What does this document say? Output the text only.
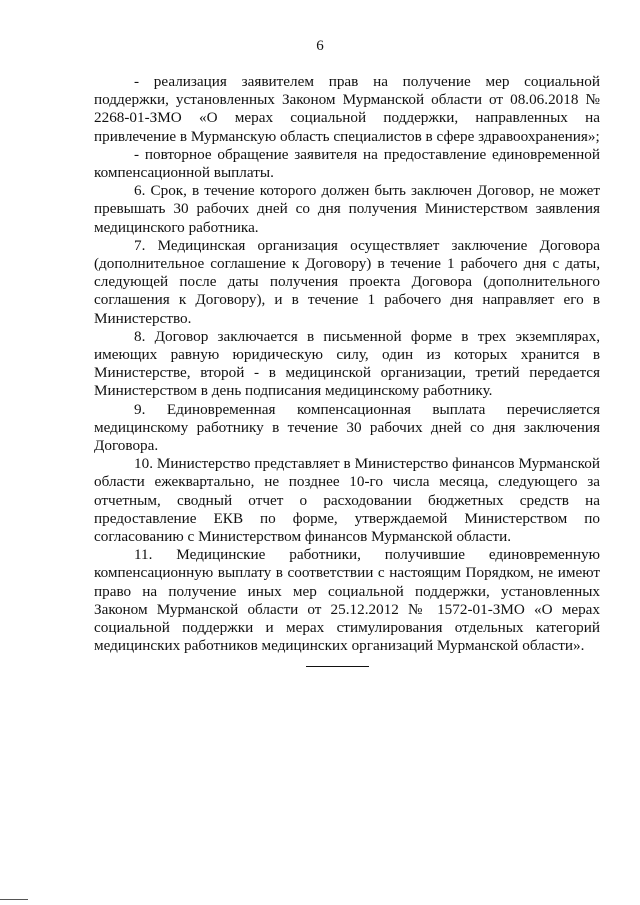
6

- реализация заявителем прав на получение мер социальной поддержки, установленных Законом Мурманской области от 08.06.2018 № 2268-01-ЗМО «О мерах социальной поддержки, направленных на привлечение в Мурманскую область специалистов в сфере здравоохранения»;

- повторное обращение заявителя на предоставление единовременной компенсационной выплаты.

6. Срок, в течение которого должен быть заключен Договор, не может превышать 30 рабочих дней со дня получения Министерством заявления медицинского работника.

7. Медицинская организация осуществляет заключение Договора (дополнительное соглашение к Договору) в течение 1 рабочего дня с даты, следующей после даты получения проекта Договора (дополнительного соглашения к Договору), и в течение 1 рабочего дня направляет его в Министерство.

8. Договор заключается в письменной форме в трех экземплярах, имеющих равную юридическую силу, один из которых хранится в Министерстве, второй - в медицинской организации, третий передается Министерством в день подписания медицинскому работнику.

9. Единовременная компенсационная выплата перечисляется медицинскому работнику в течение 30 рабочих дней со дня заключения Договора.

10. Министерство представляет в Министерство финансов Мурманской области ежеквартально, не позднее 10-го числа месяца, следующего за отчетным, сводный отчет о расходовании бюджетных средств на предоставление ЕКВ по форме, утверждаемой Министерством по согласованию с Министерством финансов Мурманской области.

11. Медицинские работники, получившие единовременную компенсационную выплату в соответствии с настоящим Порядком, не имеют право на получение иных мер социальной поддержки, установленных Законом Мурманской области от 25.12.2012 № 1572-01-ЗМО «О мерах социальной поддержки и мерах стимулирования отдельных категорий медицинских работников медицинских организаций Мурманской области».
